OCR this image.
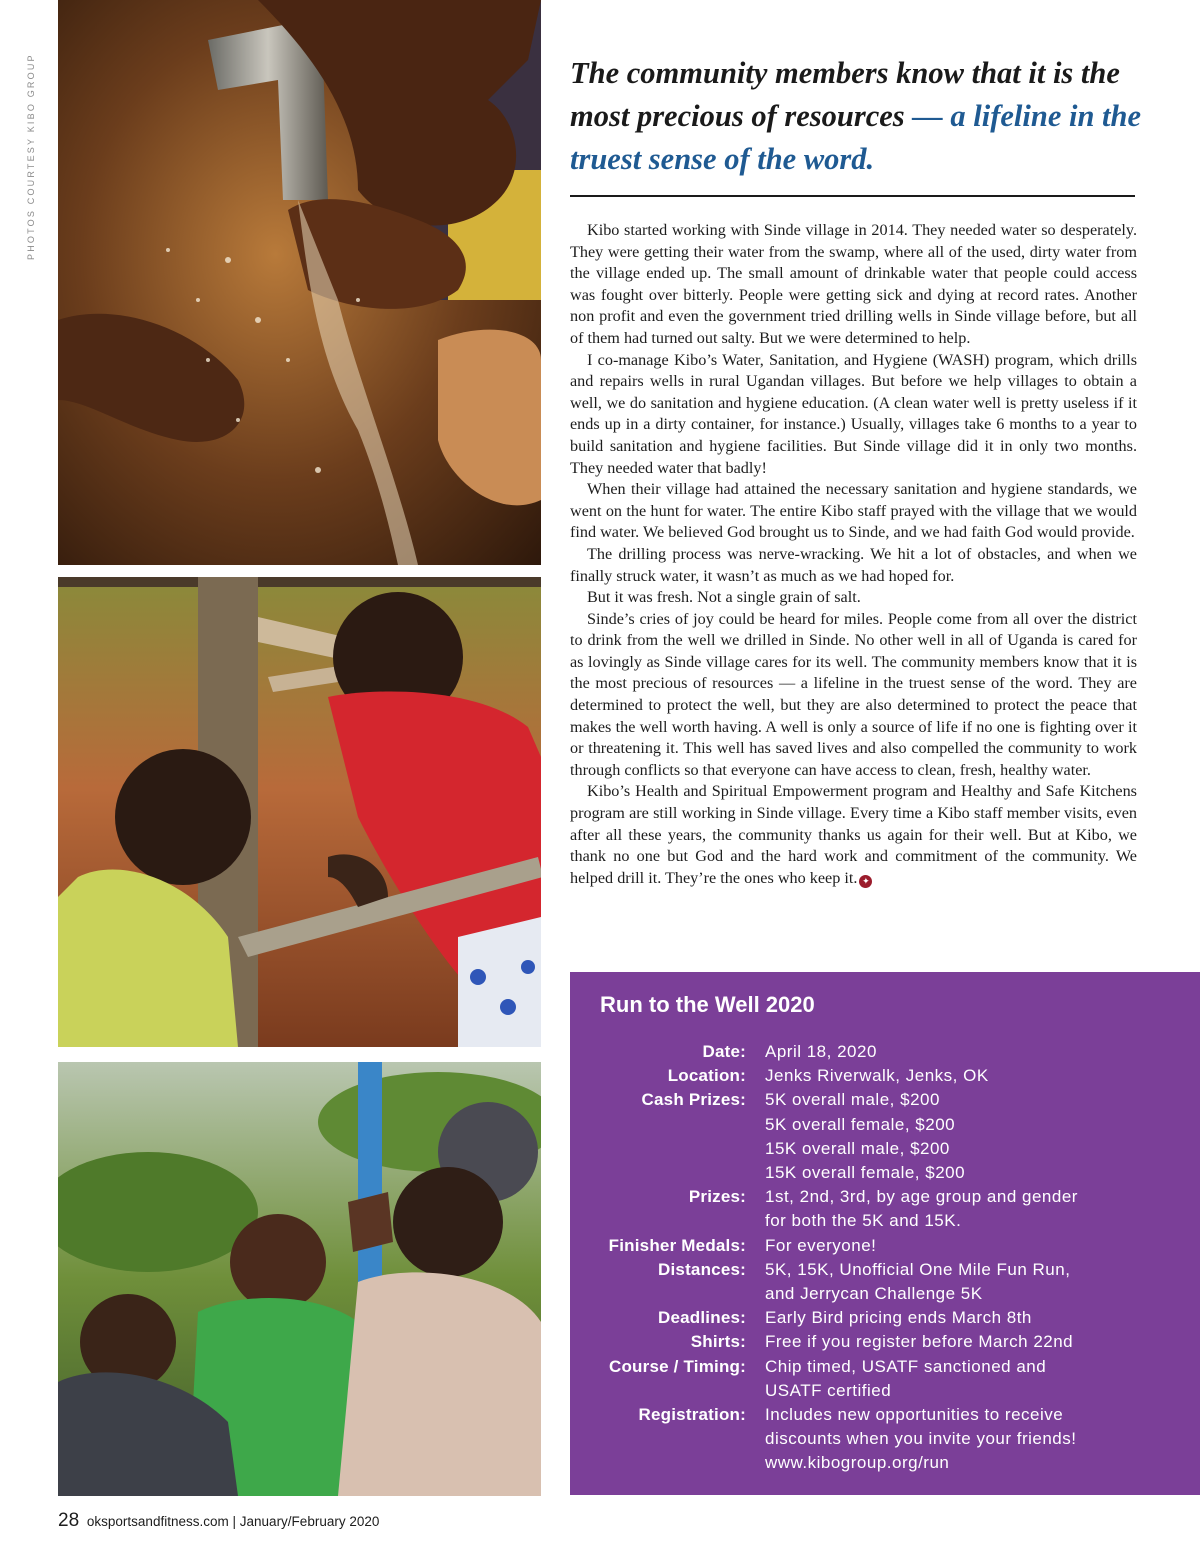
PHOTOS COURTESY KIBO GROUP	The community members know that it is the most precious of resources — a lifeline in the truest sense of the word.

Kibo started working with Sinde village in 2014. They needed water so desperately. They were getting their water from the swamp, where all of the used, dirty water from the village ended up. The small amount of drinkable water that people could access was fought over bitterly. People were getting sick and dying at record rates. Another non profit and even the government tried drilling wells in Sinde village before, but all of them had turned out salty. But we were determined to help.

I co-manage Kibo’s Water, Sanitation, and Hygiene (WASH) program, which drills and repairs wells in rural Ugandan villages. But before we help villages to obtain a well, we do sanitation and hygiene education. (A clean water well is pretty useless if it ends up in a dirty container, for instance.) Usually, villages take 6 months to a year to build sanitation and hygiene facilities. But Sinde village did it in only two months. They needed water that badly!

When their village had attained the necessary sanitation and hygiene standards, we went on the hunt for water. The entire Kibo staff prayed with the village that we would find water. We believed God brought us to Sinde, and we had faith God would provide.

The drilling process was nerve-wracking. We hit a lot of obstacles, and when we finally struck water, it wasn’t as much as we had hoped for.

But it was fresh. Not a single grain of salt.

Sinde’s cries of joy could be heard for miles. People come from all over the district to drink from the well we drilled in Sinde. No other well in all of Uganda is cared for as lovingly as Sinde village cares for its well. The community members know that it is the most precious of resources — a lifeline in the truest sense of the word. They are determined to protect the well, but they are also determined to protect the peace that makes the well worth having. A well is only a source of life if no one is fighting over it or threatening it. This well has saved lives and also compelled the community to work through conflicts so that everyone can have access to clean, fresh, healthy water.

Kibo’s Health and Spiritual Empowerment program and Healthy and Safe Kitchens program are still working in Sinde village. Every time a Kibo staff member visits, even after all these years, the community thanks us again for their well. But at Kibo, we thank no one but God and the hard work and commitment of the community. We helped drill it. They’re the ones who keep it. ✦

Run to the Well 2020
Date:	April 18, 2020
Location:	Jenks Riverwalk, Jenks, OK
Cash Prizes:	5K overall male, $200
5K overall female, $200
15K overall male, $200
15K overall female, $200
Prizes:	1st, 2nd, 3rd, by age group and gender
for both the 5K and 15K.
Finisher Medals:	For everyone!
Distances:	5K, 15K, Unofficial One Mile Fun Run,
and Jerrycan Challenge 5K
Deadlines:	Early Bird pricing ends March 8th
Shirts:	Free if you register before March 22nd
Course / Timing:	Chip timed, USATF sanctioned and
USATF certified
Registration:	Includes new opportunities to receive
discounts when you invite your friends!
www.kibogroup.org/run
28 oksportsandfitness.com | January/February 2020
